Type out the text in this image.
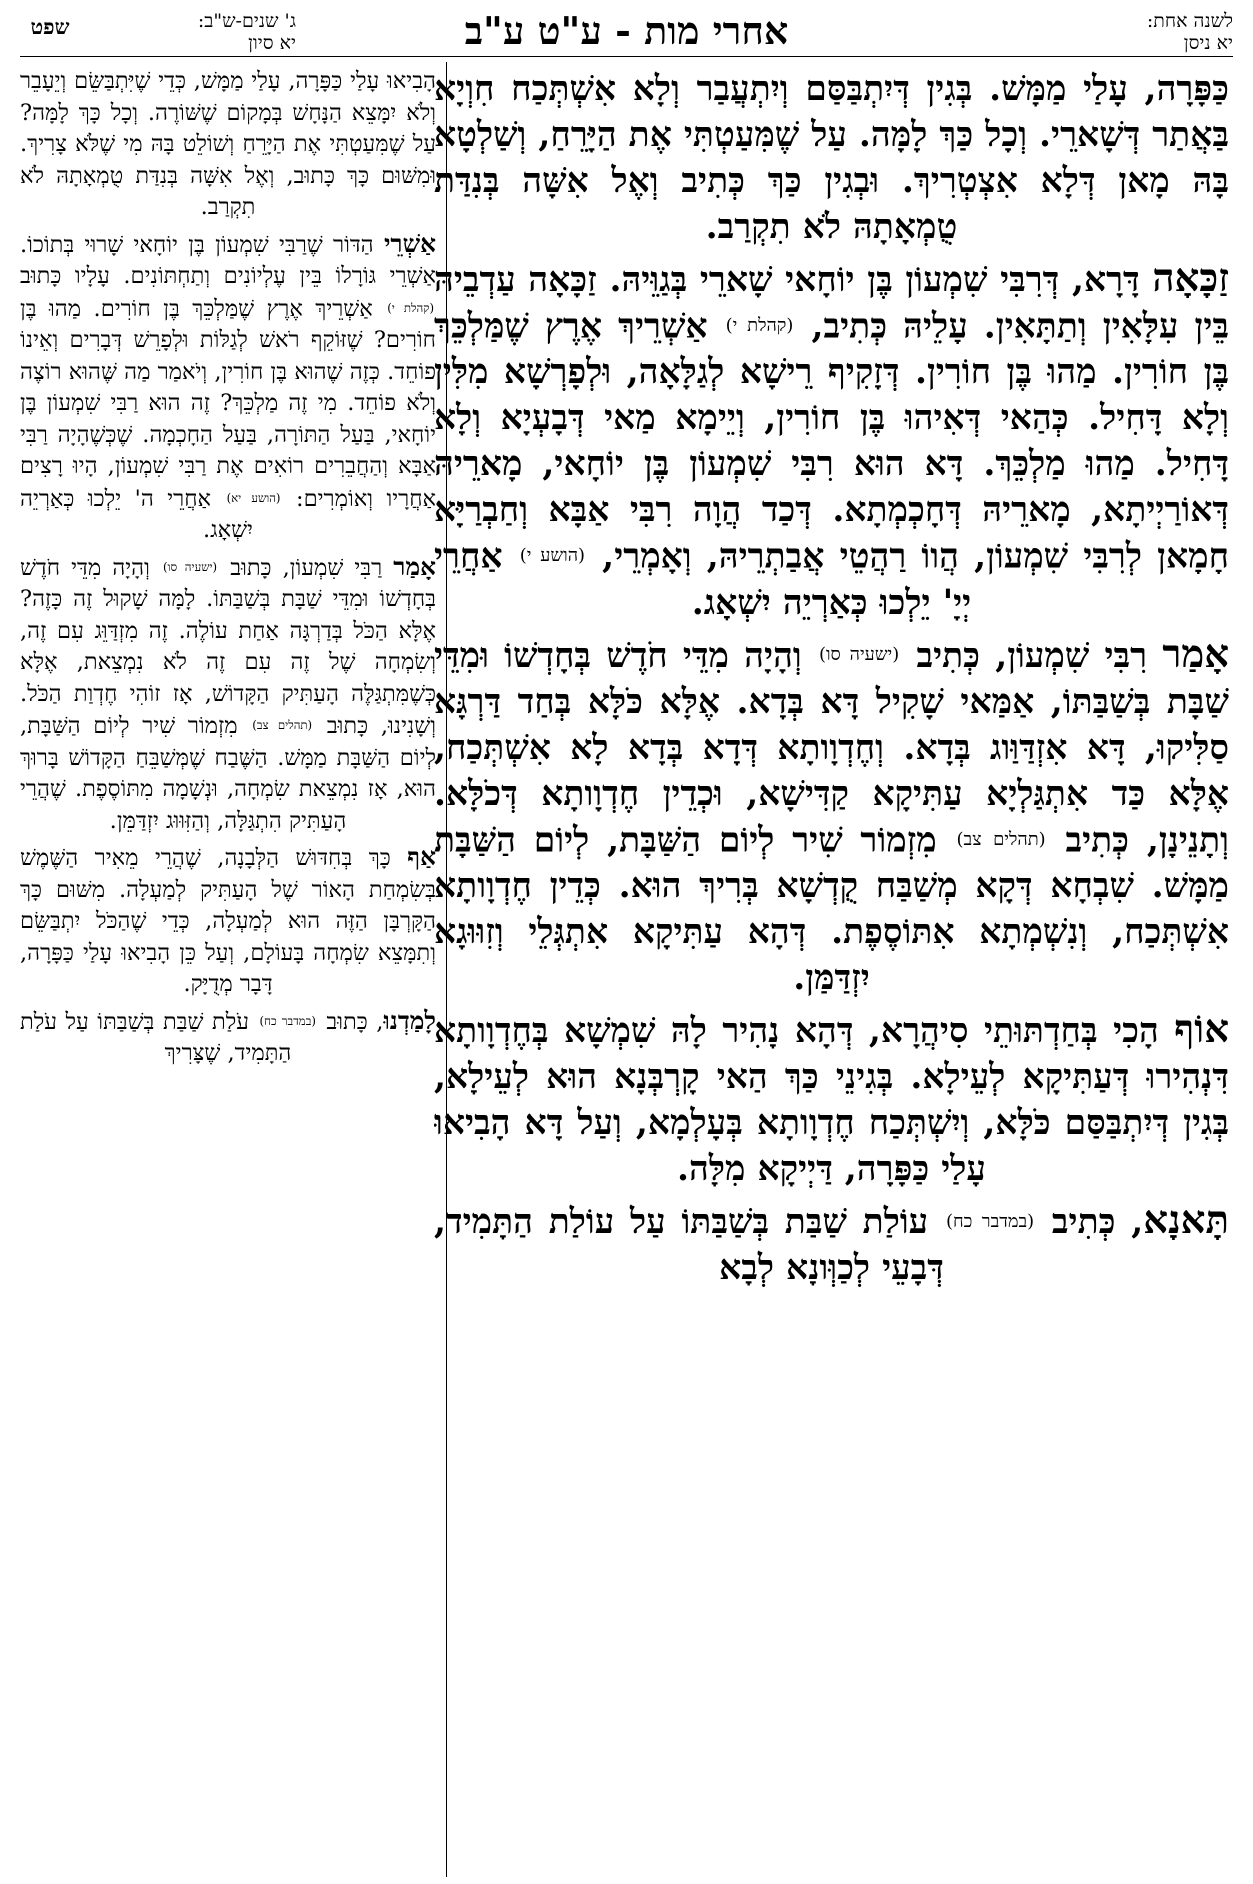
לשנה אחת:
יא ניסן
אחרי מות - ע"ט ע"ב
ג' שנים-ש"ב:
יא סיון
שפט

כַּפָּרָה, עָלַי מַמָּשׁ. בְּגִין דְּיִתְבַּסַּם וְיִתְעֲבַר וְלָא אִשְׁתְּכַח חִוְיָא בַּאֲתַר דְּשָׁארֵי. וְכָל כַּךְ לָמָּה. עַל שֶׁמִּעַטְתִּי אֶת הַיָּרֵחַ, וְשַׁלְטָא בָּהּ מָאן דְּלָא אִצְטְרִיךְ. וּבְגִין כַּךְ כְּתִיב וְאֶל אִשָּׁה בְּנִדַּת טֻמְאָתָהּ לֹא תִקְרַב.

זַכָּאָה דָּרָא, דְּרִבִּי שִׁמְעוֹן בֶּן יוֹחָאי שָׁארֵי בְּגַוֵּיהּ. זַכָּאָה עַדְבֵיהּ בֵּין עִלָּאִין וְתַתָּאִין. עָלֵיהּ כְּתִיב, (קהלת י) אַשְׁרֵיךְ אֶרֶץ שֶׁמַּלְכֵּךְ בֶּן חוֹרִין. מַהוּ בֶּן חוֹרִין. דְּזָקִיף רֵישָׁא לְגַלָּאָה, וּלְפָרְשָׁא מִלִּין וְלָא דָּחִיל. כְּהַאי דְּאִיהוּ בֶּן חוֹרִין, וְיֵימָא מַאי דְּבָעְיָא וְלָא דָּחִיל. מַהוּ מַלְכֵּךְ. דָּא הוּא רִבִּי שִׁמְעוֹן בֶּן יוֹחָאי, מָארֵיהּ דְּאוֹרַיְיתָא, מָארֵיהּ דְּחָכְמְתָא. דְּכַד הֲוָה רִבִּי אַבָּא וְחַבְרַיָּא חָמָאן לְרִבִּי שִׁמְעוֹן, הֲווֹ רַהֲטֵי אֲבַתְרֵיהּ, וְאָמְרֵי, (הושע י) אַחֲרֵי יְיָ' יֵלְכוּ כְּאַרְיֵה יִשְׁאָג.

אָמַר רִבִּי שִׁמְעוֹן, כְּתִיב (ישעיה סו) וְהָיָה מִדֵּי חֹדֶשׁ בְּחָדְשׁוֹ וּמִדֵּי שַׁבָּת בְּשַׁבַּתּוֹ, אַמַּאי שָׁקִיל דָּא בְּדָא. אֶלָּא כֹּלָּא בְּחַד דַּרְגָּא סַלִּיקוּ, דָּא אִזְדַּוַּוג בְּדָא. וְחֶדְוָותָא דְּדָא בְּדָא לָא אִשְׁתְּכַח, אֶלָּא כַּד אִתְגַּלְיָא עַתִּיקָא קַדִּישָׁא, וּכְדֵין חֶדְוָותָא דְּכֹלָּא. וְתָנֵינָן, כְּתִיב (תהלים צב) מִזְמוֹר שִׁיר לְיוֹם הַשַּׁבָּת, לְיוֹם הַשַּׁבָּת מַמָּשׁ. שִׁבְחָא דְּקָא מְשַׁבַּח קֻדְשָׁא בְּרִיךְ הוּא. כְּדֵין חֶדְוָותָא אִשְׁתְּכַח, וְנִשְׁמְתָא אִתּוֹסֶפֶת. דְּהָא עַתִּיקָא אִתְגְּלֵי וְזִוּוּגָא יִזְדַּמַּן.

אוֹף הָכִי בְּחַדְתּוּתֵי סִיהֲרָא, דְּהָא נָהִיר לָהּ שִׁמְשָׁא בְּחֶדְוָותָא דִּנְהִירוּ דְּעַתִּיקָא לְעֵילָא. בְּגִינֵי כַּךְ הַאי קָרְבְּנָא הוּא לְעֵילָא, בְּגִין דְּיִתְבַּסַּם כֹּלָּא, וְיִשְׁתְּכַח חֶדְוָותָא בְּעָלְמָא, וְעַל דָּא הָבִיאוּ עָלַי כַּפָּרָה, דַּיְיקָא מִלָּה.

תָּאנָא, כְּתִיב (במדבר כח) עוֹלַת שַׁבַּת בְּשַׁבַּתּוֹ עַל עוֹלַת הַתָּמִיד, דְּבָעֵי לְכַוְּונָא לְבָא

הָבִיאוּ עָלַי כַּפָּרָה, עָלַי מַמָּשׁ, כְּדֵי שֶׁיִּתְבַּשֵּׂם וְיֵעָבֵר וְלֹא יִמָּצֵא הַנָּחָשׁ בְּמָקוֹם שֶׁשּׁוֹרֶה. וְכָל כָּךְ לָמָּה? עַל שֶׁמִּעַטְתִּי אֶת הַיָּרֵחַ וְשׁוֹלֵט בָּהּ מִי שֶׁלֹּא צָרִיךְ. וּמִשּׁוּם כָּךְ כָּתוּב, וְאֶל אִשָּׁה בְּנִדַּת טֻמְאָתָהּ לֹא תִקְרַב.

אַשְׁרֵי הַדּוֹר שֶׁרַבִּי שִׁמְעוֹן בֶּן יוֹחָאי שָׁרוּי בְּתוֹכוֹ. אַשְׁרֵי גּוֹרָלוֹ בֵּין עֶלְיוֹנִים וְתַחְתּוֹנִים. עָלָיו כָּתוּב (קהלת י) אַשְׁרֵיךְ אֶרֶץ שֶׁמַּלְכֵּךְ בֶּן חוֹרִים. מַהוּ בֶּן חוֹרִים? שֶׁזּוֹקֵף רֹאשׁ לְגַלּוֹת וּלְפָרֵשׁ דְּבָרִים וְאֵינוֹ פוֹחֵד. כְּזֶה שֶׁהוּא בֶּן חוֹרִין, וְיֹאמַר מַה שֶּׁהוּא רוֹצֶה וְלֹא פוֹחֵד. מִי זֶה מַלְכֵּךְ? זֶה הוּא רַבִּי שִׁמְעוֹן בֶּן יוֹחָאי, בַּעַל הַתּוֹרָה, בַּעַל הַחָכְמָה. שֶׁכְּשֶׁהָיָה רַבִּי אַבָּא וְהַחֲבֵרִים רוֹאִים אֶת רַבִּי שִׁמְעוֹן, הָיוּ רָצִים אַחֲרָיו וְאוֹמְרִים: (הושע יא) אַחֲרֵי ה' יֵלְכוּ כְּאַרְיֵה יִשְׁאָג.

אָמַר רַבִּי שִׁמְעוֹן, כָּתוּב (ישעיה סו) וְהָיָה מִדֵּי חֹדֶשׁ בְּחָדְשׁוֹ וּמִדֵּי שַׁבָּת בְּשַׁבַּתּוֹ. לָמָּה שָׁקוּל זֶה כָּזֶה? אֶלָּא הַכֹּל בְּדַרְגָּה אַחַת עוֹלֶה. זֶה מִזְדַּוֵּג עִם זֶה, וְשִׂמְחָה שֶׁל זֶה עִם זֶה לֹא נִמְצֵאת, אֶלָּא כְּשֶׁמִּתְגַּלֶּה הָעַתִּיק הַקָּדוֹשׁ, אָז זוֹהִי חֶדְוַת הַכֹּל. וְשָׁנִינוּ, כָּתוּב (תהלים צב) מִזְמוֹר שִׁיר לְיוֹם הַשַּׁבָּת, לְיוֹם הַשַּׁבָּת מַמָּשׁ. הַשֶּׁבַח שֶׁמְּשַׁבֵּחַ הַקָּדוֹשׁ בָּרוּךְ הוּא, אָז נִמְצֵאת שִׂמְחָה, וּנְשָׁמָה מִתּוֹסֶפֶת. שֶׁהֲרֵי הָעַתִּיק הִתְגַּלָּה, וְהַזִּוּוּג יִזְדַּמֵּן.

אַף כָּךְ בְּחִדּוּשׁ הַלְּבָנָה, שֶׁהֲרֵי מֵאִיר הַשֶּׁמֶשׁ בְּשִׂמְחַת הָאוֹר שֶׁל הָעַתִּיק לְמַעְלָה. מִשּׁוּם כָּךְ הַקָּרְבָּן הַזֶּה הוּא לְמַעְלָה, כְּדֵי שֶׁהַכֹּל יִתְבַּשֵּׂם וְתִמָּצֵא שִׂמְחָה בָּעוֹלָם, וְעַל כֵּן הָבִיאוּ עָלַי כַּפָּרָה, דָּבָר מְדֻיָּק.

לָמַדְנוּ, כָּתוּב (במדבר כח) עֹלַת שַׁבַּת בְּשַׁבַּתּוֹ עַל עֹלַת הַתָּמִיד, שֶׁצָּרִיךְ
